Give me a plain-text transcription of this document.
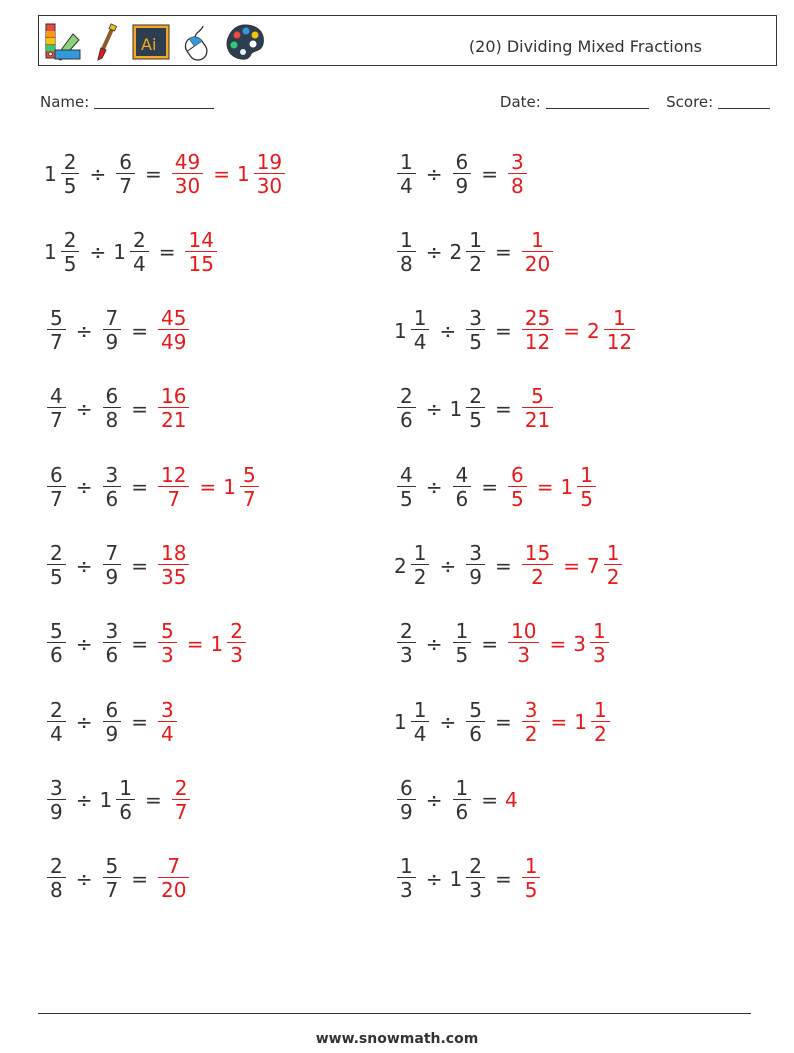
Ai	(20) Dividing Mixed Fractions
Name:	Date:	Score:
$1 \frac{2}{5} \div \frac{6}{7} = \frac{49}{30} = 1 \frac{19}{30}$	$\frac{1}{4} \div \frac{6}{9} = \frac{3}{8}$
$1 \frac{2}{5} \div 1 \frac{2}{4} = \frac{14}{15}$	$\frac{1}{8} \div 2 \frac{1}{2} = \frac{1}{20}$
$\frac{5}{7} \div \frac{7}{9} = \frac{45}{49}$	$1 \frac{1}{4} \div \frac{3}{5} = \frac{25}{12} = 2 \frac{1}{12}$
$\frac{4}{7} \div \frac{6}{8} = \frac{16}{21}$	$\frac{2}{6} \div 1 \frac{2}{5} = \frac{5}{21}$
$\frac{6}{7} \div \frac{3}{6} = \frac{12}{7} = 1 \frac{5}{7}$	$\frac{4}{5} \div \frac{4}{6} = \frac{6}{5} = 1 \frac{1}{5}$
$\frac{2}{5} \div \frac{7}{9} = \frac{18}{35}$	$2 \frac{1}{2} \div \frac{3}{9} = \frac{15}{2} = 7 \frac{1}{2}$
$\frac{5}{6} \div \frac{3}{6} = \frac{5}{3} = 1 \frac{2}{3}$	$\frac{2}{3} \div \frac{1}{5} = \frac{10}{3} = 3 \frac{1}{3}$
$\frac{2}{4} \div \frac{6}{9} = \frac{3}{4}$	$1 \frac{1}{4} \div \frac{5}{6} = \frac{3}{2} = 1 \frac{1}{2}$
$\frac{3}{9} \div 1 \frac{1}{6} = \frac{2}{7}$	$\frac{6}{9} \div \frac{1}{6} = 4$
$\frac{2}{8} \div \frac{5}{7} = \frac{7}{20}$	$\frac{1}{3} \div 1 \frac{2}{3} = \frac{1}{5}$
www.snowmath.com
